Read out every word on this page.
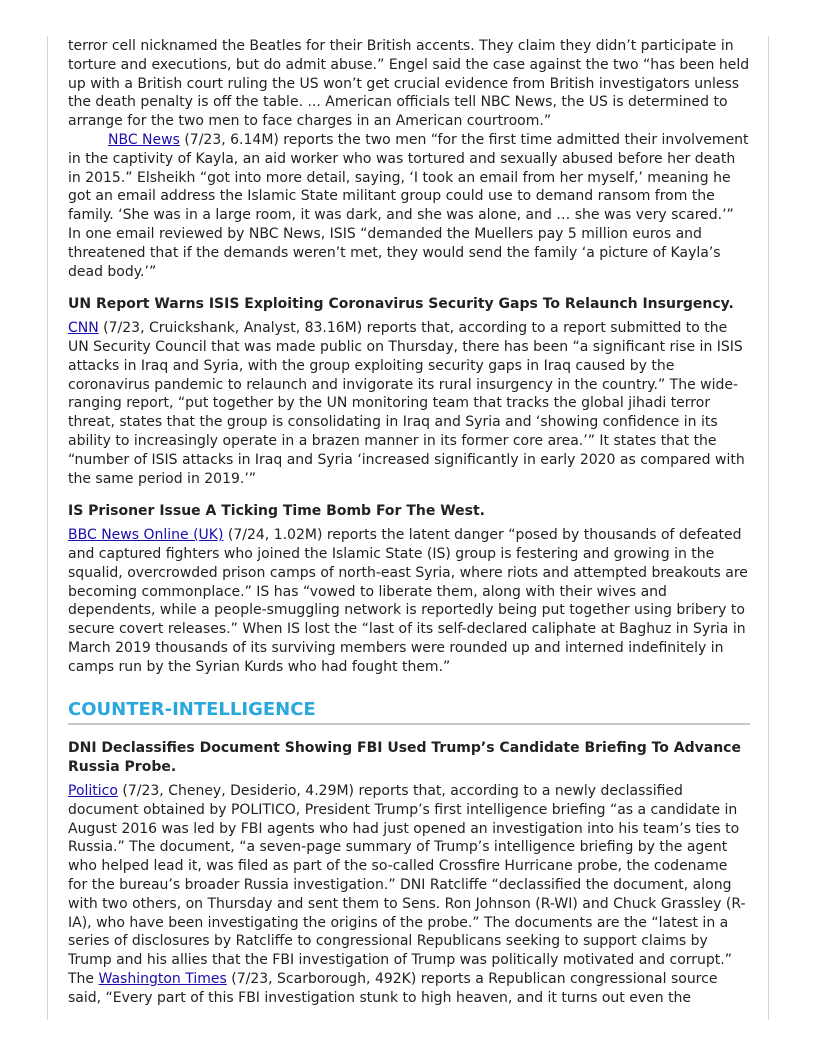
terror cell nicknamed the Beatles for their British accents. They claim they didn’t participate in torture and executions, but do admit abuse.” Engel said the case against the two “has been held up with a British court ruling the US won’t get crucial evidence from British investigators unless the death penalty is off the table. ... American officials tell NBC News, the US is determined to arrange for the two men to face charges in an American courtroom.”

NBC News (7/23, 6.14M) reports the two men “for the first time admitted their involvement in the captivity of Kayla, an aid worker who was tortured and sexually abused before her death in 2015.” Elsheikh “got into more detail, saying, ‘I took an email from her myself,’ meaning he got an email address the Islamic State militant group could use to demand ransom from the family. ‘She was in a large room, it was dark, and she was alone, and … she was very scared.’” In one email reviewed by NBC News, ISIS “demanded the Muellers pay 5 million euros and threatened that if the demands weren’t met, they would send the family ‘a picture of Kayla’s dead body.’”

UN Report Warns ISIS Exploiting Coronavirus Security Gaps To Relaunch Insurgency.

CNN (7/23, Cruickshank, Analyst, 83.16M) reports that, according to a report submitted to the UN Security Council that was made public on Thursday, there has been “a significant rise in ISIS attacks in Iraq and Syria, with the group exploiting security gaps in Iraq caused by the coronavirus pandemic to relaunch and invigorate its rural insurgency in the country.” The wide-ranging report, “put together by the UN monitoring team that tracks the global jihadi terror threat, states that the group is consolidating in Iraq and Syria and ‘showing confidence in its ability to increasingly operate in a brazen manner in its former core area.’” It states that the “number of ISIS attacks in Iraq and Syria ‘increased significantly in early 2020 as compared with the same period in 2019.’”

IS Prisoner Issue A Ticking Time Bomb For The West.

BBC News Online (UK) (7/24, 1.02M) reports the latent danger “posed by thousands of defeated and captured fighters who joined the Islamic State (IS) group is festering and growing in the squalid, overcrowded prison camps of north-east Syria, where riots and attempted breakouts are becoming commonplace.” IS has “vowed to liberate them, along with their wives and dependents, while a people-smuggling network is reportedly being put together using bribery to secure covert releases.” When IS lost the “last of its self-declared caliphate at Baghuz in Syria in March 2019 thousands of its surviving members were rounded up and interned indefinitely in camps run by the Syrian Kurds who had fought them.”

COUNTER-INTELLIGENCE
DNI Declassifies Document Showing FBI Used Trump’s Candidate Briefing To Advance Russia Probe.

Politico (7/23, Cheney, Desiderio, 4.29M) reports that, according to a newly declassified document obtained by POLITICO, President Trump’s first intelligence briefing “as a candidate in August 2016 was led by FBI agents who had just opened an investigation into his team’s ties to Russia.” The document, “a seven-page summary of Trump’s intelligence briefing by the agent who helped lead it, was filed as part of the so-called Crossfire Hurricane probe, the codename for the bureau’s broader Russia investigation.” DNI Ratcliffe “declassified the document, along with two others, on Thursday and sent them to Sens. Ron Johnson (R-WI) and Chuck Grassley (R-IA), who have been investigating the origins of the probe.” The documents are the “latest in a series of disclosures by Ratcliffe to congressional Republicans seeking to support claims by Trump and his allies that the FBI investigation of Trump was politically motivated and corrupt.” The Washington Times (7/23, Scarborough, 492K) reports a Republican congressional source said, “Every part of this FBI investigation stunk to high heaven, and it turns out even the
